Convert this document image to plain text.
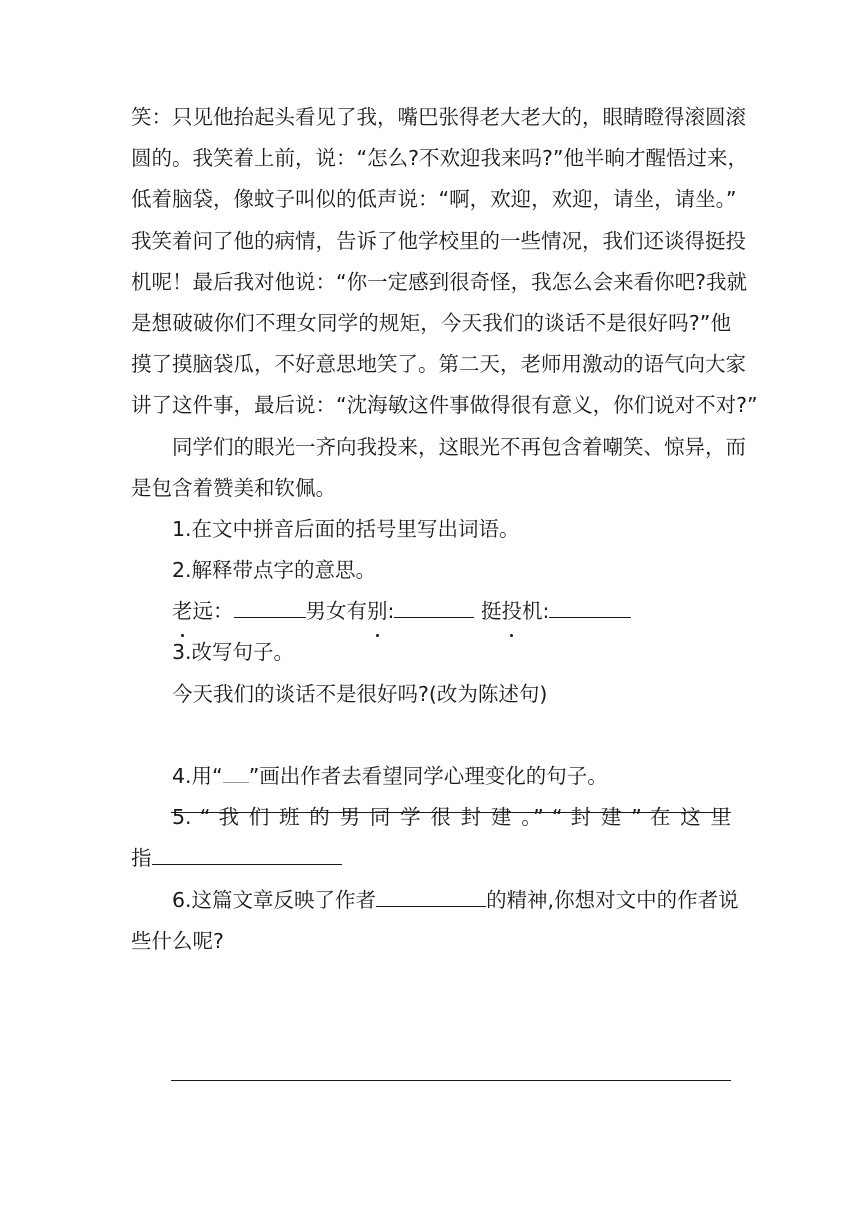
笑：只见他抬起头看见了我，嘴巴张得老大老大的，眼睛瞪得滚圆滚
圆的。我笑着上前，说：“怎么?不欢迎我来吗?”他半晌才醒悟过来，
低着脑袋，像蚊子叫似的低声说：“啊，欢迎，欢迎，请坐，请坐。”
我笑着问了他的病情，告诉了他学校里的一些情况，我们还谈得挺投
机呢！最后我对他说：“你一定感到很奇怪，我怎么会来看你吧?我就
是想破破你们不理女同学的规矩，今天我们的谈话不是很好吗?”他
摸了摸脑袋瓜，不好意思地笑了。第二天，老师用激动的语气向大家
讲了这件事，最后说：“沈海敏这件事做得很有意义，你们说对不对?”
同学们的眼光一齐向我投来，这眼光不再包含着嘲笑、惊异，而
是包含着赞美和钦佩。
1.在文中拼音后面的括号里写出词语。
2.解释带点字的意思。
老远：	男女有别:	挺投机:
3.改写句子。
今天我们的谈话不是很好吗?(改为陈述句)
4.用“ ”画出作者去看望同学心理变化的句子。
5. “ 我 们 班 的 男 同 学 很 封 建 。” “ 封 建 ” 在 这 里
指
6.这篇文章反映了作者	的精神,你想对文中的作者说
些什么呢?
